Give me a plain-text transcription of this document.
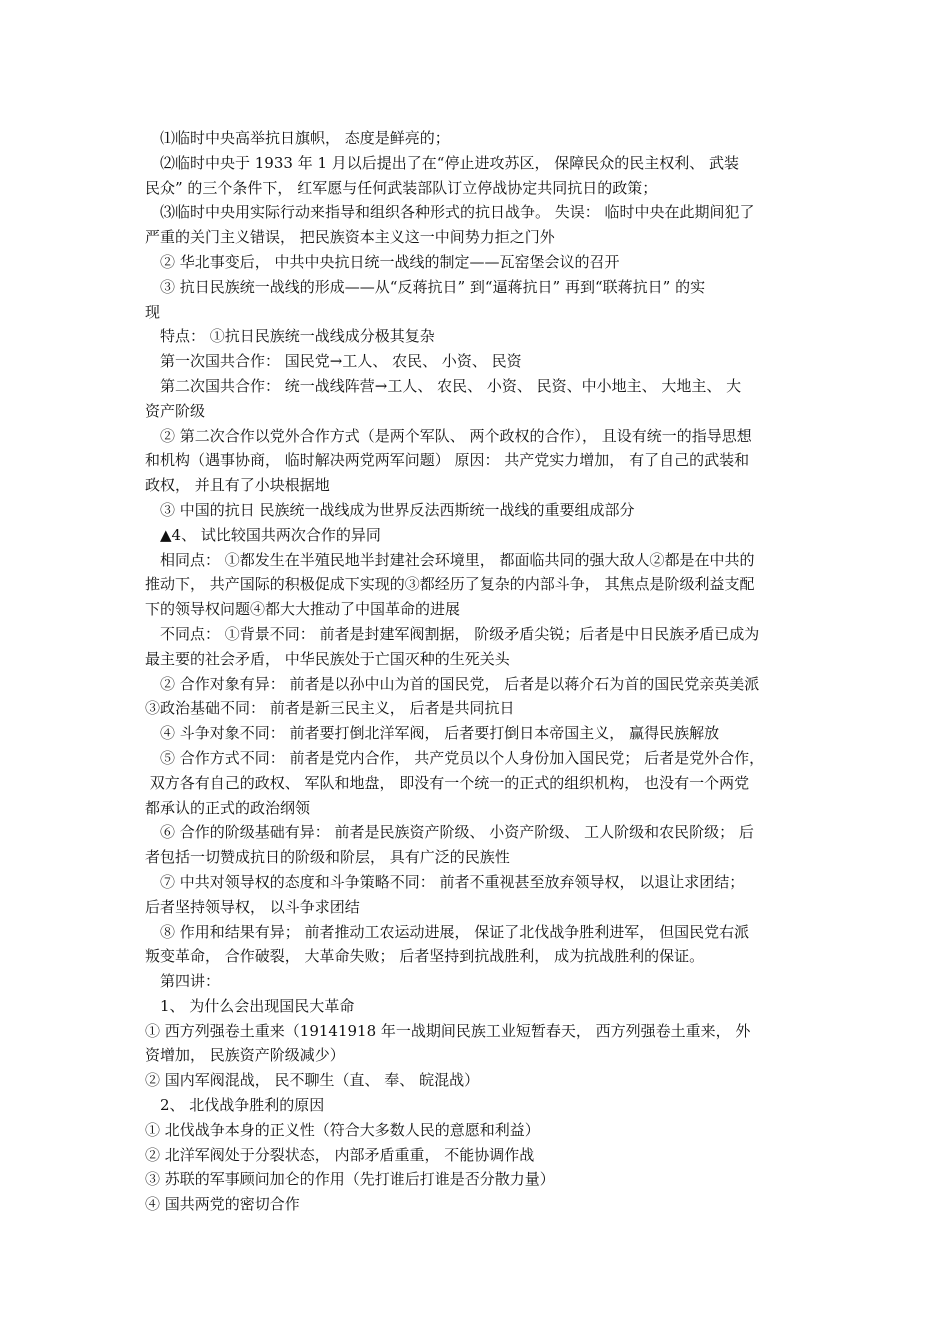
⑴临时中央高举抗日旗帜， 态度是鲜亮的；
⑵临时中央于 1933 年 1 月以后提出了在“停止进攻苏区， 保障民众的民主权利、 武装
民众” 的三个条件下， 红军愿与任何武装部队订立停战协定共同抗日的政策；
⑶临时中央用实际行动来指导和组织各种形式的抗日战争。 失误： 临时中央在此期间犯了
严重的关门主义错误， 把民族资本主义这一中间势力拒之门外
② 华北事变后， 中共中央抗日统一战线的制定——瓦窑堡会议的召开
③ 抗日民族统一战线的形成——从“反蒋抗日” 到“逼蒋抗日” 再到“联蒋抗日” 的实
现
特点： ①抗日民族统一战线成分极其复杂
第一次国共合作： 国民党→工人、 农民、 小资、 民资
第二次国共合作： 统一战线阵营→工人、 农民、 小资、 民资、中小地主、 大地主、 大
资产阶级
② 第二次合作以党外合作方式（是两个军队、 两个政权的合作）， 且设有统一的指导思想
和机构（遇事协商， 临时解决两党两军问题） 原因： 共产党实力增加， 有了自己的武装和
政权， 并且有了小块根据地
③ 中国的抗日 民族统一战线成为世界反法西斯统一战线的重要组成部分
▲4、 试比较国共两次合作的异同
相同点： ①都发生在半殖民地半封建社会环境里， 都面临共同的强大敌人②都是在中共的
推动下， 共产国际的积极促成下实现的③都经历了复杂的内部斗争， 其焦点是阶级利益支配
下的领导权问题④都大大推动了中国革命的进展
不同点： ①背景不同： 前者是封建军阀割据， 阶级矛盾尖锐；后者是中日民族矛盾已成为
最主要的社会矛盾， 中华民族处于亡国灭种的生死关头
② 合作对象有异： 前者是以孙中山为首的国民党， 后者是以蒋介石为首的国民党亲英美派
③政治基础不同： 前者是新三民主义， 后者是共同抗日
④ 斗争对象不同： 前者要打倒北洋军阀， 后者要打倒日本帝国主义， 赢得民族解放
⑤ 合作方式不同： 前者是党内合作， 共产党员以个人身份加入国民党； 后者是党外合作，
双方各有自己的政权、 军队和地盘， 即没有一个统一的正式的组织机构， 也没有一个两党
都承认的正式的政治纲领
⑥ 合作的阶级基础有异： 前者是民族资产阶级、 小资产阶级、 工人阶级和农民阶级； 后
者包括一切赞成抗日的阶级和阶层， 具有广泛的民族性
⑦ 中共对领导权的态度和斗争策略不同： 前者不重视甚至放弃领导权， 以退让求团结；
后者坚持领导权， 以斗争求团结
⑧ 作用和结果有异； 前者推动工农运动进展， 保证了北伐战争胜利进军， 但国民党右派
叛变革命， 合作破裂， 大革命失败； 后者坚持到抗战胜利， 成为抗战胜利的保证。
第四讲：
1、 为什么会出现国民大革命
① 西方列强卷土重来（19141918 年一战期间民族工业短暂春天， 西方列强卷土重来， 外
资增加， 民族资产阶级减少）
② 国内军阀混战， 民不聊生（直、 奉、 皖混战）
2、 北伐战争胜利的原因
① 北伐战争本身的正义性（符合大多数人民的意愿和利益）
② 北洋军阀处于分裂状态， 内部矛盾重重， 不能协调作战
③ 苏联的军事顾问加仑的作用（先打谁后打谁是否分散力量）
④ 国共两党的密切合作
